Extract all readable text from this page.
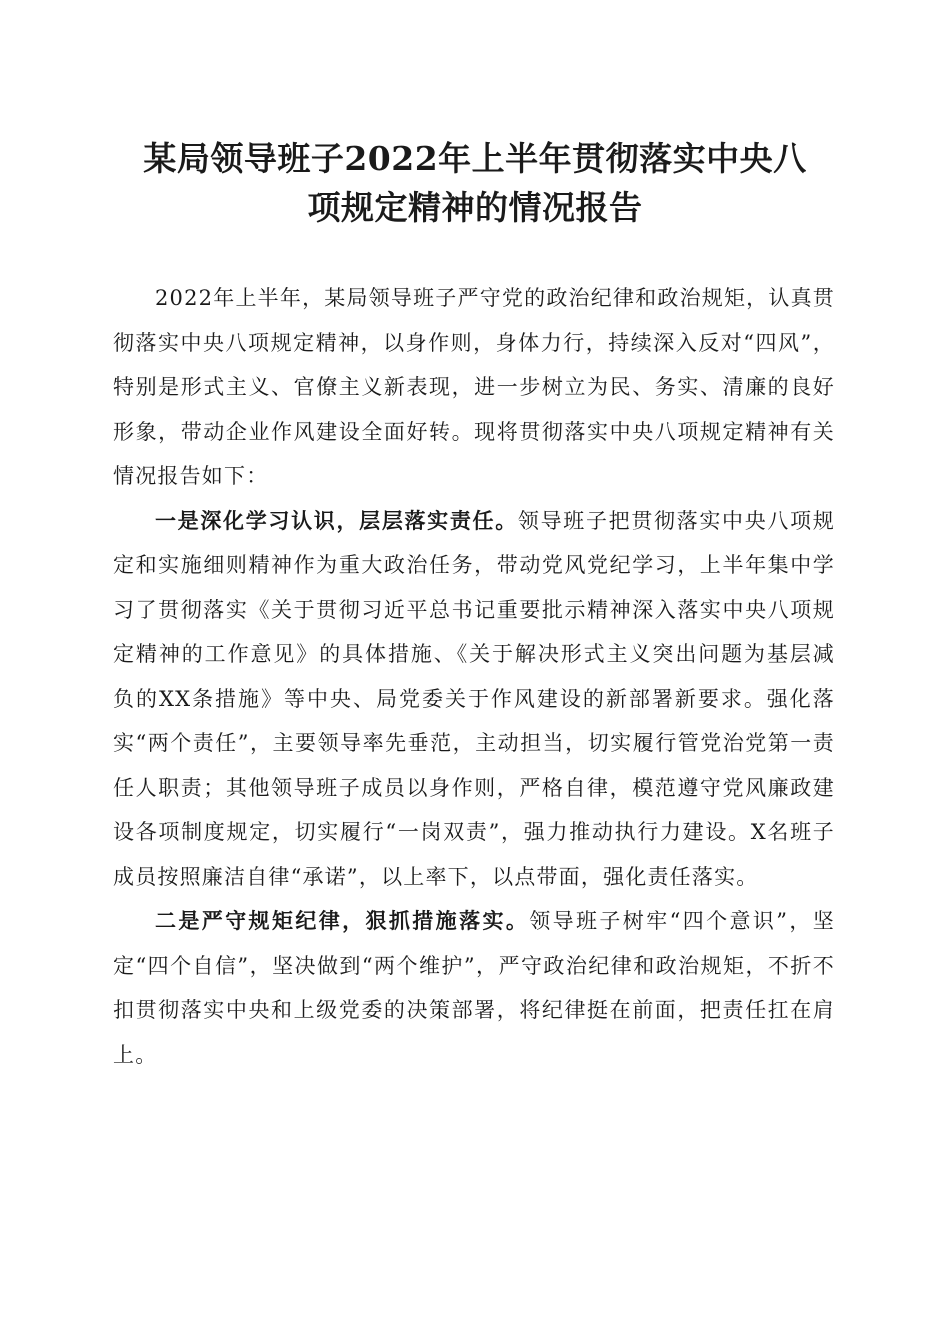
某局领导班子2022年上半年贯彻落实中央八
项规定精神的情况报告

2022年上半年，某局领导班子严守党的政治纪律和政治规矩，认真贯彻落实中央八项规定精神，以身作则，身体力行，持续深入反对“四风”，特别是形式主义、官僚主义新表现，进一步树立为民、务实、清廉的良好形象，带动企业作风建设全面好转。现将贯彻落实中央八项规定精神有关情况报告如下：

一是深化学习认识，层层落实责任。领导班子把贯彻落实中央八项规定和实施细则精神作为重大政治任务，带动党风党纪学习，上半年集中学习了贯彻落实《关于贯彻习近平总书记重要批示精神深入落实中央八项规定精神的工作意见》的具体措施、《关于解决形式主义突出问题为基层减负的XX条措施》等中央、局党委关于作风建设的新部署新要求。强化落实“两个责任”，主要领导率先垂范，主动担当，切实履行管党治党第一责任人职责；其他领导班子成员以身作则，严格自律，模范遵守党风廉政建设各项制度规定，切实履行“一岗双责”，强力推动执行力建设。X名班子成员按照廉洁自律“承诺”，以上率下，以点带面，强化责任落实。

二是严守规矩纪律，狠抓措施落实。领导班子树牢“四个意识”，坚定“四个自信”，坚决做到“两个维护”，严守政治纪律和政治规矩，不折不扣贯彻落实中央和上级党委的决策部署，将纪律挺在前面，把责任扛在肩上。
